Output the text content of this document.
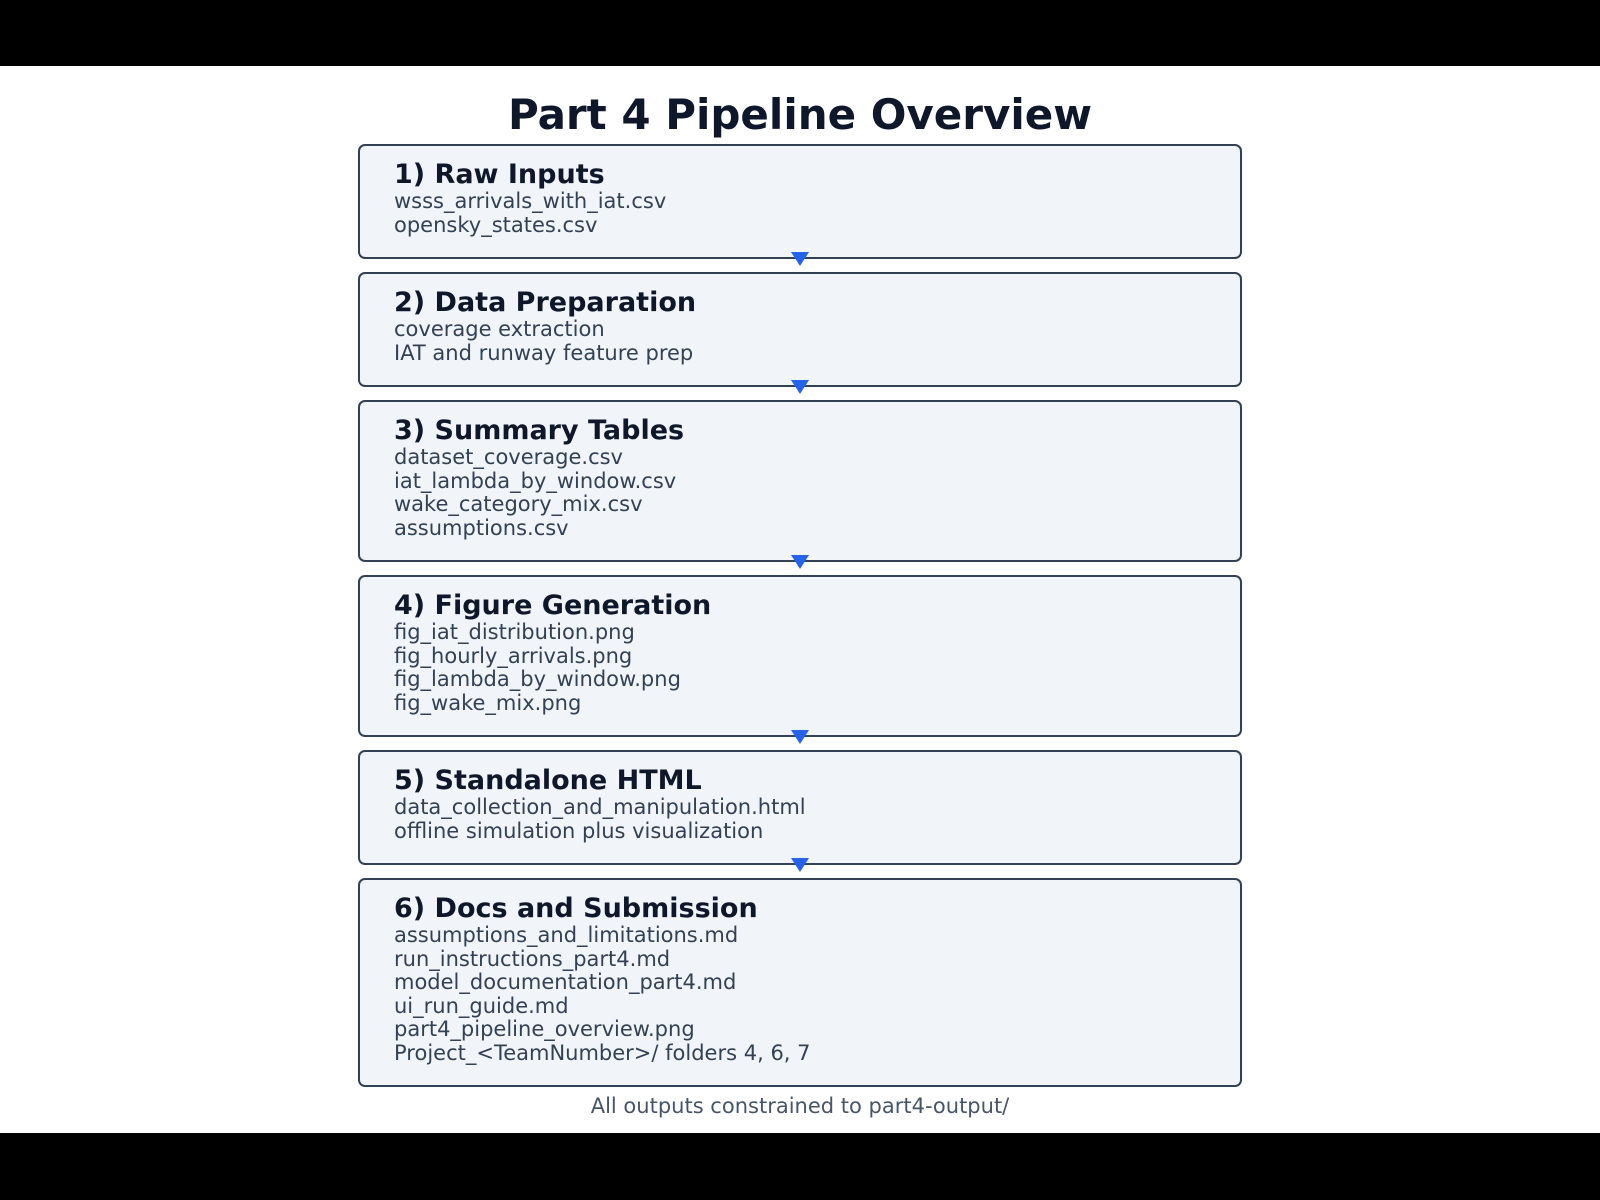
Part 4 Pipeline Overview
1) Raw Inputs
wsss_arrivals_with_iat.csv
opensky_states.csv
2) Data Preparation
coverage extraction
IAT and runway feature prep
3) Summary Tables
dataset_coverage.csv
iat_lambda_by_window.csv
wake_category_mix.csv
assumptions.csv
4) Figure Generation
fig_iat_distribution.png
fig_hourly_arrivals.png
fig_lambda_by_window.png
fig_wake_mix.png
5) Standalone HTML
data_collection_and_manipulation.html
offline simulation plus visualization
6) Docs and Submission
assumptions_and_limitations.md
run_instructions_part4.md
model_documentation_part4.md
ui_run_guide.md
part4_pipeline_overview.png
Project_<TeamNumber>/ folders 4, 6, 7
All outputs constrained to part4-output/
